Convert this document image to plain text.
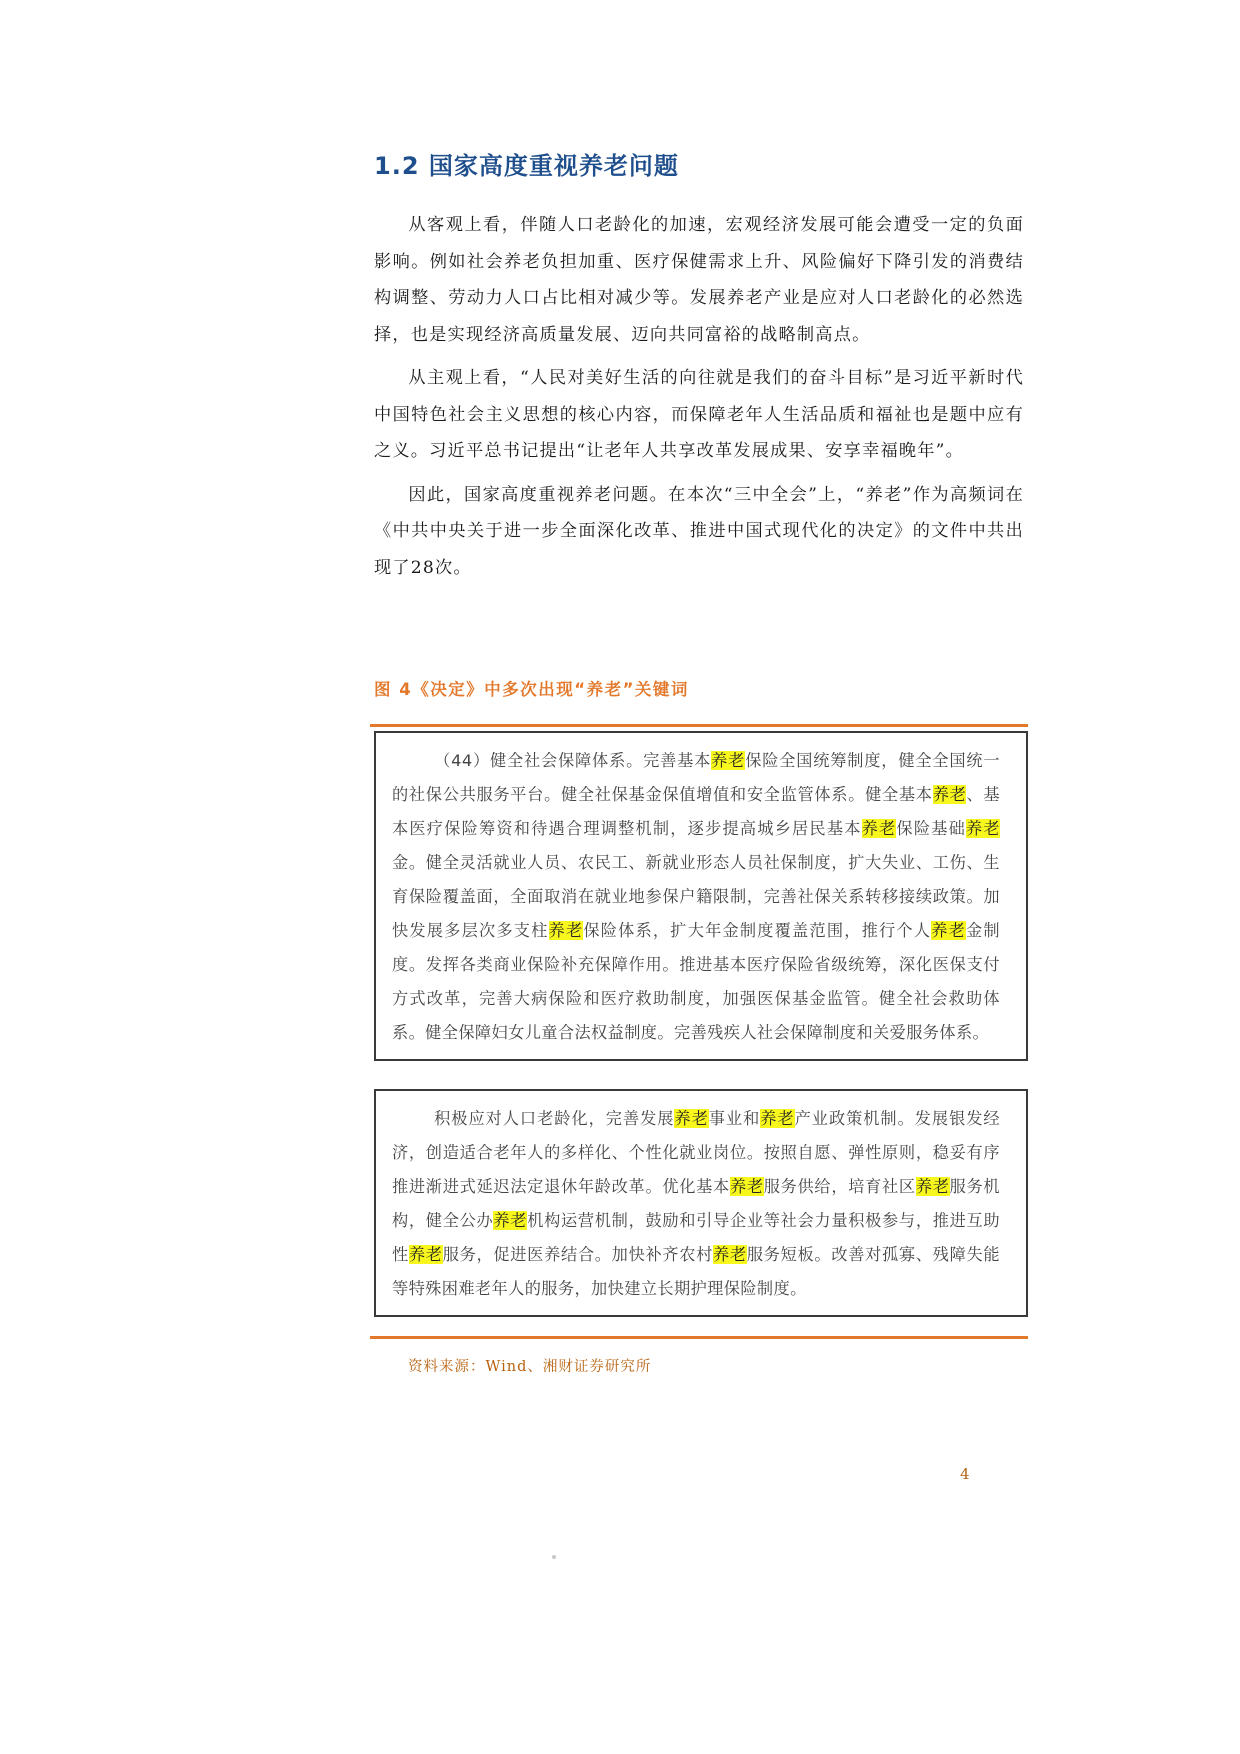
1.2 国家高度重视养老问题

从客观上看，伴随人口老龄化的加速，宏观经济发展可能会遭受一定的负面影响。例如社会养老负担加重、医疗保健需求上升、风险偏好下降引发的消费结构调整、劳动力人口占比相对减少等。发展养老产业是应对人口老龄化的必然选择，也是实现经济高质量发展、迈向共同富裕的战略制高点。

从主观上看，“人民对美好生活的向往就是我们的奋斗目标”是习近平新时代中国特色社会主义思想的核心内容，而保障老年人生活品质和福祉也是题中应有之义。习近平总书记提出“让老年人共享改革发展成果、安享幸福晚年”。

因此，国家高度重视养老问题。在本次“三中全会”上，“养老”作为高频词在《中共中央关于进一步全面深化改革、推进中国式现代化的决定》的文件中共出现了28次。

图 4《决定》中多次出现“养老”关键词

（44）健全社会保障体系。完善基本养老保险全国统筹制度，健全全国统一的社保公共服务平台。健全社保基金保值增值和安全监管体系。健全基本养老、基本医疗保险筹资和待遇合理调整机制，逐步提高城乡居民基本养老保险基础养老金。健全灵活就业人员、农民工、新就业形态人员社保制度，扩大失业、工伤、生育保险覆盖面，全面取消在就业地参保户籍限制，完善社保关系转移接续政策。加快发展多层次多支柱养老保险体系，扩大年金制度覆盖范围，推行个人养老金制度。发挥各类商业保险补充保障作用。推进基本医疗保险省级统筹，深化医保支付方式改革，完善大病保险和医疗救助制度，加强医保基金监管。健全社会救助体系。健全保障妇女儿童合法权益制度。完善残疾人社会保障制度和关爱服务体系。

积极应对人口老龄化，完善发展养老事业和养老产业政策机制。发展银发经济，创造适合老年人的多样化、个性化就业岗位。按照自愿、弹性原则，稳妥有序推进渐进式延迟法定退休年龄改革。优化基本养老服务供给，培育社区养老服务机构，健全公办养老机构运营机制，鼓励和引导企业等社会力量积极参与，推进互助性养老服务，促进医养结合。加快补齐农村养老服务短板。改善对孤寡、残障失能等特殊困难老年人的服务，加快建立长期护理保险制度。

资料来源：Wind、湘财证券研究所
4
